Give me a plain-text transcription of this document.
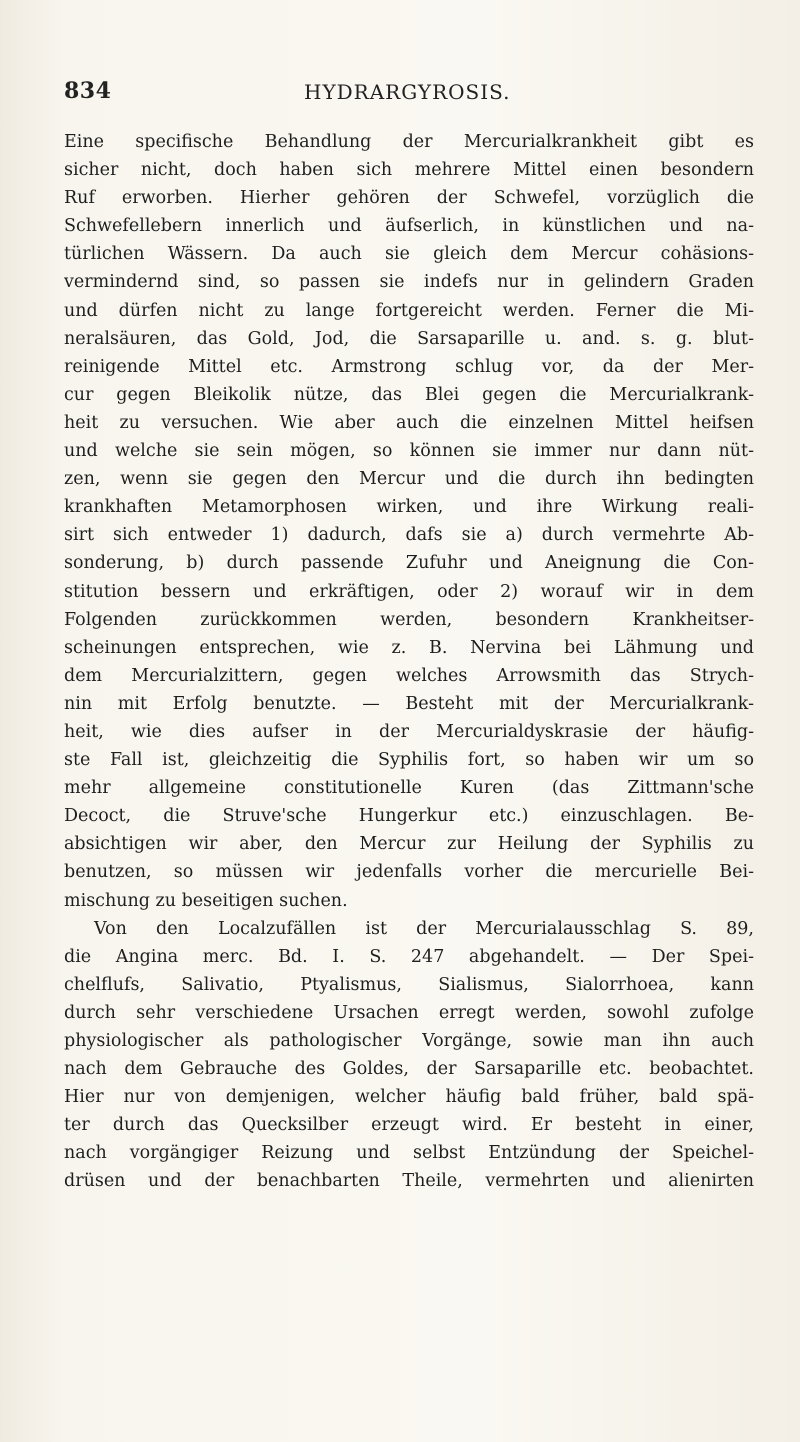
834	HYDRARGYROSIS.
Eine specifische Behandlung der Mercurialkrankheit gibt es
sicher nicht, doch haben sich mehrere Mittel einen besondern
Ruf erworben. Hierher gehören der Schwefel, vorzüglich die
Schwefellebern innerlich und äufserlich, in künstlichen und na-
türlichen Wässern. Da auch sie gleich dem Mercur cohäsions-
vermindernd sind, so passen sie indefs nur in gelindern Graden
und dürfen nicht zu lange fortgereicht werden. Ferner die Mi-
neralsäuren, das Gold, Jod, die Sarsaparille u. and. s. g. blut-
reinigende Mittel etc. Armstrong schlug vor, da der Mer-
cur gegen Bleikolik nütze, das Blei gegen die Mercurialkrank-
heit zu versuchen. Wie aber auch die einzelnen Mittel heifsen
und welche sie sein mögen, so können sie immer nur dann nüt-
zen, wenn sie gegen den Mercur und die durch ihn bedingten
krankhaften Metamorphosen wirken, und ihre Wirkung reali-
sirt sich entweder 1) dadurch, dafs sie a) durch vermehrte Ab-
sonderung, b) durch passende Zufuhr und Aneignung die Con-
stitution bessern und erkräftigen, oder 2) worauf wir in dem
Folgenden zurückkommen werden, besondern Krankheitser-
scheinungen entsprechen, wie z. B. Nervina bei Lähmung und
dem Mercurialzittern, gegen welches Arrowsmith das Strych-
nin mit Erfolg benutzte. — Besteht mit der Mercurialkrank-
heit, wie dies aufser in der Mercurialdyskrasie der häufig-
ste Fall ist, gleichzeitig die Syphilis fort, so haben wir um so
mehr allgemeine constitutionelle Kuren (das Zittmann'sche
Decoct, die Struve'sche Hungerkur etc.) einzuschlagen. Be-
absichtigen wir aber, den Mercur zur Heilung der Syphilis zu
benutzen, so müssen wir jedenfalls vorher die mercurielle Bei-
mischung zu beseitigen suchen.
Von den Localzufällen ist der Mercurialausschlag S. 89,
die Angina merc. Bd. I. S. 247 abgehandelt. — Der Spei-
chelflufs, Salivatio, Ptyalismus, Sialismus, Sialorrhoea, kann
durch sehr verschiedene Ursachen erregt werden, sowohl zufolge
physiologischer als pathologischer Vorgänge, sowie man ihn auch
nach dem Gebrauche des Goldes, der Sarsaparille etc. beobachtet.
Hier nur von demjenigen, welcher häufig bald früher, bald spä-
ter durch das Quecksilber erzeugt wird. Er besteht in einer,
nach vorgängiger Reizung und selbst Entzündung der Speichel-
drüsen und der benachbarten Theile, vermehrten und alienirten
